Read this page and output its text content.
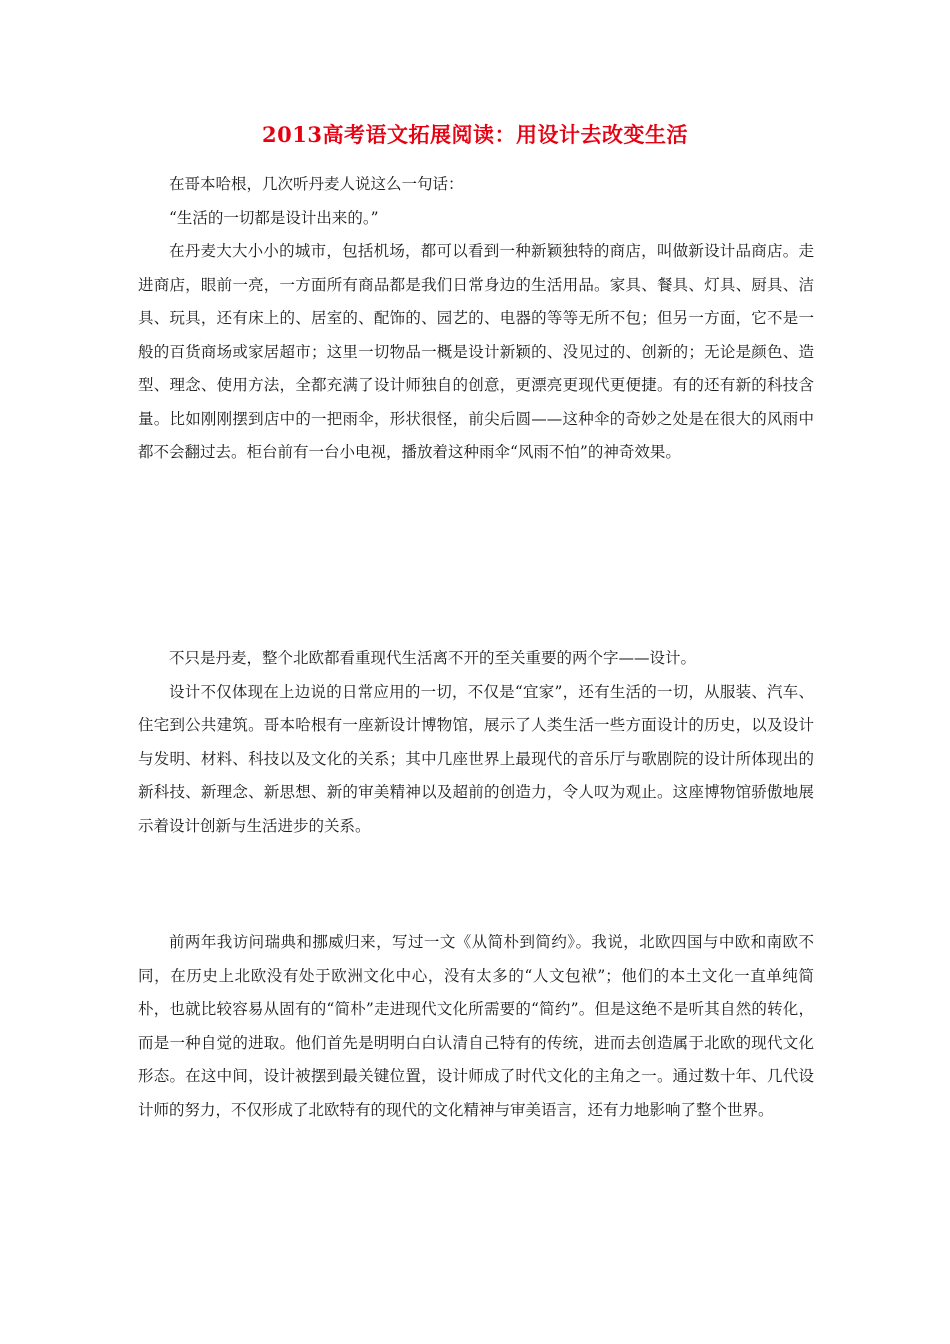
2013高考语文拓展阅读：用设计去改变生活

在哥本哈根，几次听丹麦人说这么一句话：

“生活的一切都是设计出来的。”

在丹麦大大小小的城市，包括机场，都可以看到一种新颖独特的商店，叫做新设计品商店。走进商店，眼前一亮，一方面所有商品都是我们日常身边的生活用品。家具、餐具、灯具、厨具、洁具、玩具，还有床上的、居室的、配饰的、园艺的、电器的等等无所不包；但另一方面，它不是一般的百货商场或家居超市；这里一切物品一概是设计新颖的、没见过的、创新的；无论是颜色、造型、理念、使用方法，全都充满了设计师独自的创意，更漂亮更现代更便捷。有的还有新的科技含量。比如刚刚摆到店中的一把雨伞，形状很怪，前尖后圆——这种伞的奇妙之处是在很大的风雨中都不会翻过去。柜台前有一台小电视，播放着这种雨伞“风雨不怕”的神奇效果。

不只是丹麦，整个北欧都看重现代生活离不开的至关重要的两个字——设计。

设计不仅体现在上边说的日常应用的一切，不仅是“宜家”，还有生活的一切，从服装、汽车、住宅到公共建筑。哥本哈根有一座新设计博物馆，展示了人类生活一些方面设计的历史，以及设计与发明、材料、科技以及文化的关系；其中几座世界上最现代的音乐厅与歌剧院的设计所体现出的新科技、新理念、新思想、新的审美精神以及超前的创造力，令人叹为观止。这座博物馆骄傲地展示着设计创新与生活进步的关系。

前两年我访问瑞典和挪威归来，写过一文《从简朴到简约》。我说，北欧四国与中欧和南欧不同，在历史上北欧没有处于欧洲文化中心，没有太多的“人文包袱”；他们的本土文化一直单纯简朴，也就比较容易从固有的“简朴”走进现代文化所需要的“简约”。但是这绝不是听其自然的转化，而是一种自觉的进取。他们首先是明明白白认清自己特有的传统，进而去创造属于北欧的现代文化形态。在这中间，设计被摆到最关键位置，设计师成了时代文化的主角之一。通过数十年、几代设计师的努力，不仅形成了北欧特有的现代的文化精神与审美语言，还有力地影响了整个世界。
